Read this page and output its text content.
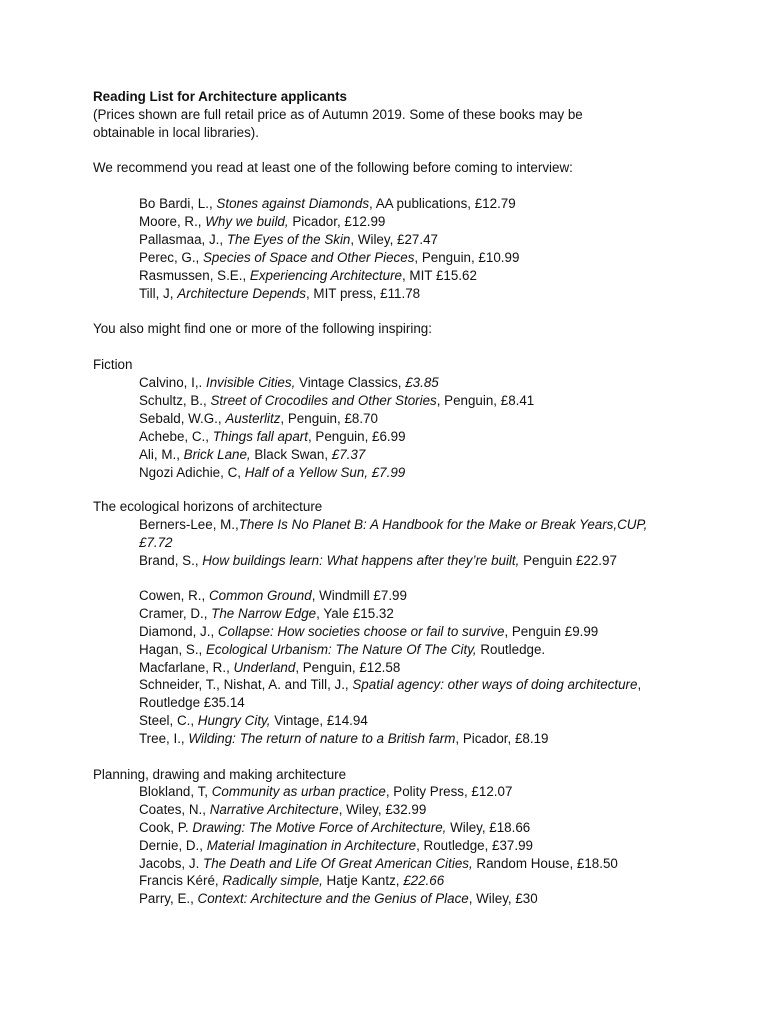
Reading List for Architecture applicants
(Prices shown are full retail price as of Autumn 2019. Some of these books may be
obtainable in local libraries).
We recommend you read at least one of the following before coming to interview:
Bo Bardi, L., Stones against Diamonds, AA publications, £12.79
Moore, R., Why we build, Picador, £12.99
Pallasmaa, J., The Eyes of the Skin, Wiley, £27.47
Perec, G., Species of Space and Other Pieces, Penguin, £10.99
Rasmussen, S.E., Experiencing Architecture, MIT £15.62
Till, J, Architecture Depends, MIT press, £11.78
You also might find one or more of the following inspiring:
Fiction
Calvino, I,. Invisible Cities, Vintage Classics, £3.85
Schultz, B., Street of Crocodiles and Other Stories, Penguin, £8.41
Sebald, W.G., Austerlitz, Penguin, £8.70
Achebe, C., Things fall apart, Penguin, £6.99
Ali, M., Brick Lane, Black Swan, £7.37
Ngozi Adichie, C, Half of a Yellow Sun, £7.99
The ecological horizons of architecture
Berners-Lee, M.,There Is No Planet B: A Handbook for the Make or Break Years,CUP,
£7.72
Brand, S., How buildings learn: What happens after they’re built, Penguin £22.97
Cowen, R., Common Ground, Windmill £7.99
Cramer, D., The Narrow Edge, Yale £15.32
Diamond, J., Collapse: How societies choose or fail to survive, Penguin £9.99
Hagan, S., Ecological Urbanism: The Nature Of The City, Routledge.
Macfarlane, R., Underland, Penguin, £12.58
Schneider, T., Nishat, A. and Till, J., Spatial agency: other ways of doing architecture,
Routledge £35.14
Steel, C., Hungry City, Vintage, £14.94
Tree, I., Wilding: The return of nature to a British farm, Picador, £8.19
Planning, drawing and making architecture
Blokland, T, Community as urban practice, Polity Press, £12.07
Coates, N., Narrative Architecture, Wiley, £32.99
Cook, P. Drawing: The Motive Force of Architecture, Wiley, £18.66
Dernie, D., Material Imagination in Architecture, Routledge, £37.99
Jacobs, J. The Death and Life Of Great American Cities, Random House, £18.50
Francis Kéré, Radically simple, Hatje Kantz, £22.66
Parry, E., Context: Architecture and the Genius of Place, Wiley, £30
